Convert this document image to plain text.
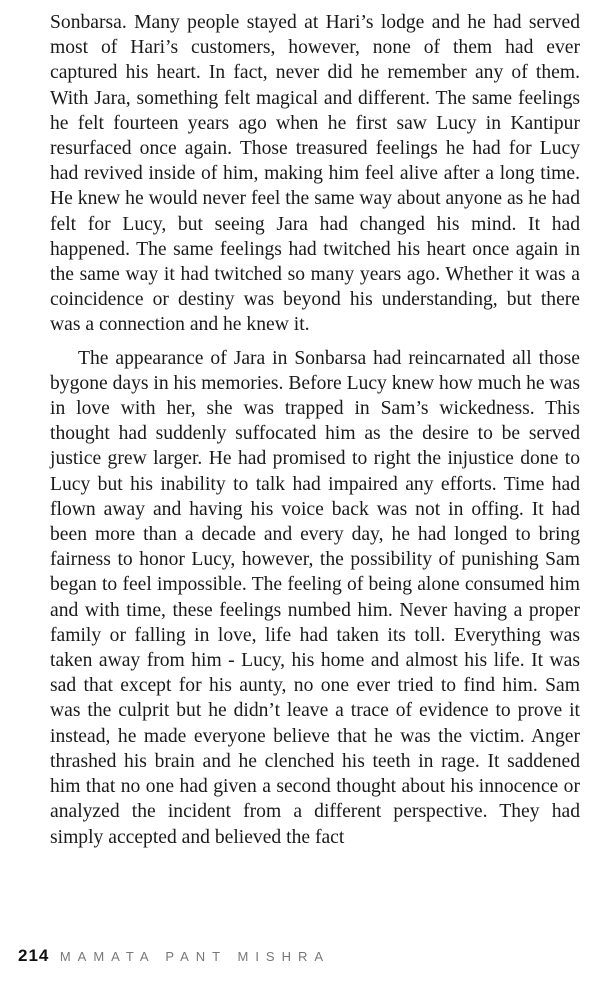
Sonbarsa. Many people stayed at Hari’s lodge and he had served most of Hari’s customers, however, none of them had ever captured his heart. In fact, never did he remember any of them. With Jara, something felt magical and different. The same feelings he felt fourteen years ago when he first saw Lucy in Kantipur resurfaced once again. Those treasured feelings he had for Lucy had revived inside of him, making him feel alive after a long time. He knew he would never feel the same way about anyone as he had felt for Lucy, but seeing Jara had changed his mind. It had happened. The same feelings had twitched his heart once again in the same way it had twitched so many years ago. Whether it was a coincidence or destiny was beyond his understanding, but there was a connection and he knew it.

The appearance of Jara in Sonbarsa had reincarnated all those bygone days in his memories. Before Lucy knew how much he was in love with her, she was trapped in Sam’s wickedness. This thought had suddenly suffocated him as the desire to be served justice grew larger. He had promised to right the injustice done to Lucy but his inability to talk had impaired any efforts. Time had flown away and having his voice back was not in offing. It had been more than a decade and every day, he had longed to bring fairness to honor Lucy, however, the possibility of punishing Sam began to feel impossible. The feeling of being alone consumed him and with time, these feelings numbed him. Never having a proper family or falling in love, life had taken its toll. Everything was taken away from him - Lucy, his home and almost his life. It was sad that except for his aunty, no one ever tried to find him. Sam was the culprit but he didn’t leave a trace of evidence to prove it instead, he made everyone believe that he was the victim. Anger thrashed his brain and he clenched his teeth in rage. It saddened him that no one had given a second thought about his innocence or analyzed the incident from a different perspective. They had simply accepted and believed the fact

214 MAMATA PANT MISHRA
